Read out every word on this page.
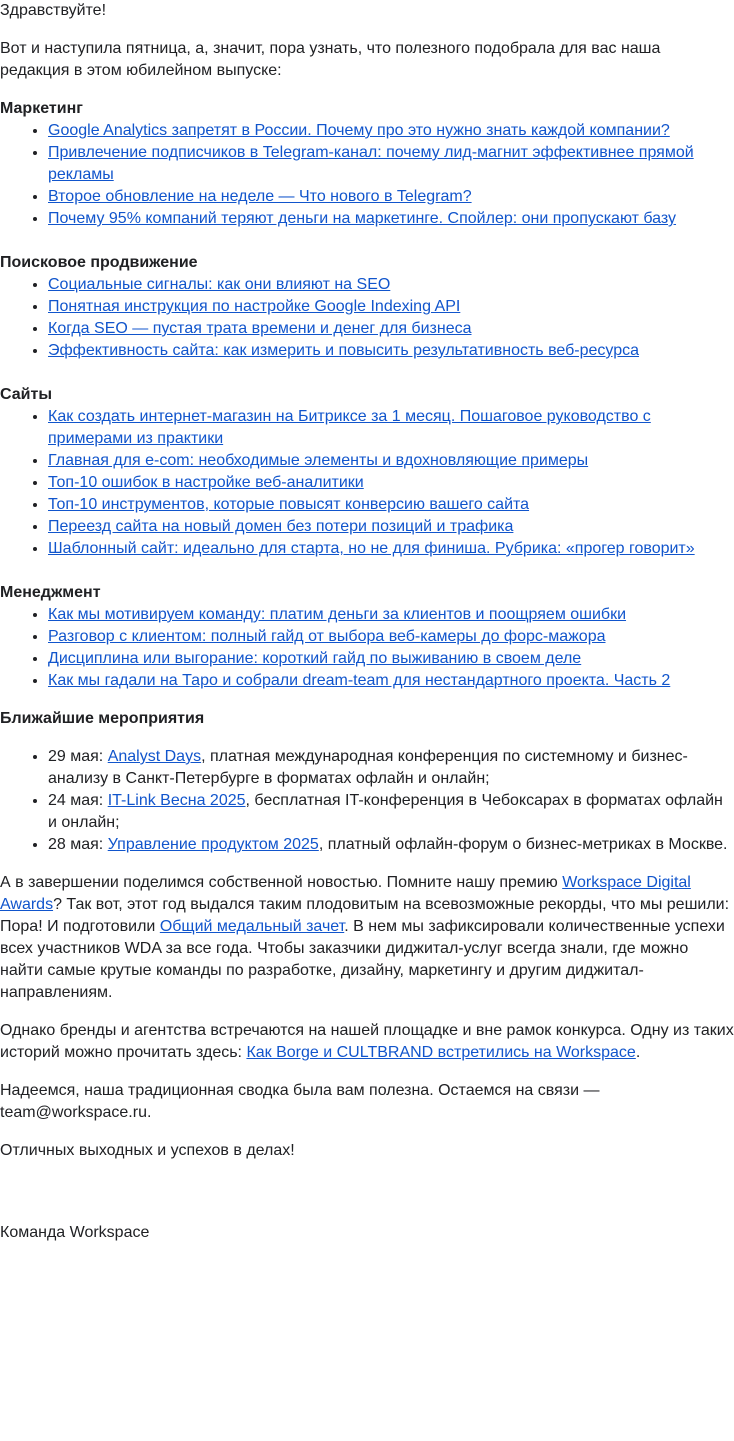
Здравствуйте!

Вот и наступила пятница, а, значит, пора узнать, что полезного подобрала для вас наша редакция в этом юбилейном выпуске:

Маркетинг

• Google Analytics запретят в России. Почему про это нужно знать каждой компании?
• Привлечение подписчиков в Telegram-канал: почему лид-магнит эффективнее прямой рекламы
• Второе обновление на неделе — Что нового в Telegram?
• Почему 95% компаний теряют деньги на маркетинге. Спойлер: они пропускают базу

Поисковое продвижение

• Социальные сигналы: как они влияют на SEO
• Понятная инструкция по настройке Google Indexing API
• Когда SEO — пустая трата времени и денег для бизнеса
• Эффективность сайта: как измерить и повысить результативность веб-ресурса

Сайты

• Как создать интернет-магазин на Битриксе за 1 месяц. Пошаговое руководство с примерами из практики
• Главная для e-com: необходимые элементы и вдохновляющие примеры
• Топ-10 ошибок в настройке веб-аналитики
• Топ-10 инструментов, которые повысят конверсию вашего сайта
• Переезд сайта на новый домен без потери позиций и трафика
• Шаблонный сайт: идеально для старта, но не для финиша. Рубрика: «прогер говорит»

Менеджмент

• Как мы мотивируем команду: платим деньги за клиентов и поощряем ошибки
• Разговор с клиентом: полный гайд от выбора веб-камеры до форс-мажора
• Дисциплина или выгорание: короткий гайд по выживанию в своем деле
• Как мы гадали на Таро и собрали dream-team для нестандартного проекта. Часть 2

Ближайшие мероприятия

• 29 мая: Analyst Days, платная международная конференция по системному и бизнес-анализу в Санкт-Петербурге в форматах офлайн и онлайн;
• 24 мая: IT-Link Весна 2025, бесплатная IT-конференция в Чебоксарах в форматах офлайн и онлайн;
• 28 мая: Управление продуктом 2025, платный офлайн-форум о бизнес-метриках в Москве.

А в завершении поделимся собственной новостью. Помните нашу премию Workspace Digital Awards? Так вот, этот год выдался таким плодовитым на всевозможные рекорды, что мы решили: Пора! И подготовили Общий медальный зачет. В нем мы зафиксировали количественные успехи всех участников WDA за все года. Чтобы заказчики диджитал-услуг всегда знали, где можно найти самые крутые команды по разработке, дизайну, маркетингу и другим диджитал-направлениям.

Однако бренды и агентства встречаются на нашей площадке и вне рамок конкурса. Одну из таких историй можно прочитать здесь: Как Borge и CULTBRAND встретились на Workspace.

Надеемся, наша традиционная сводка была вам полезна. Остаемся на связи — team@workspace.ru.

Отличных выходных и успехов в делах!

Команда Workspace
